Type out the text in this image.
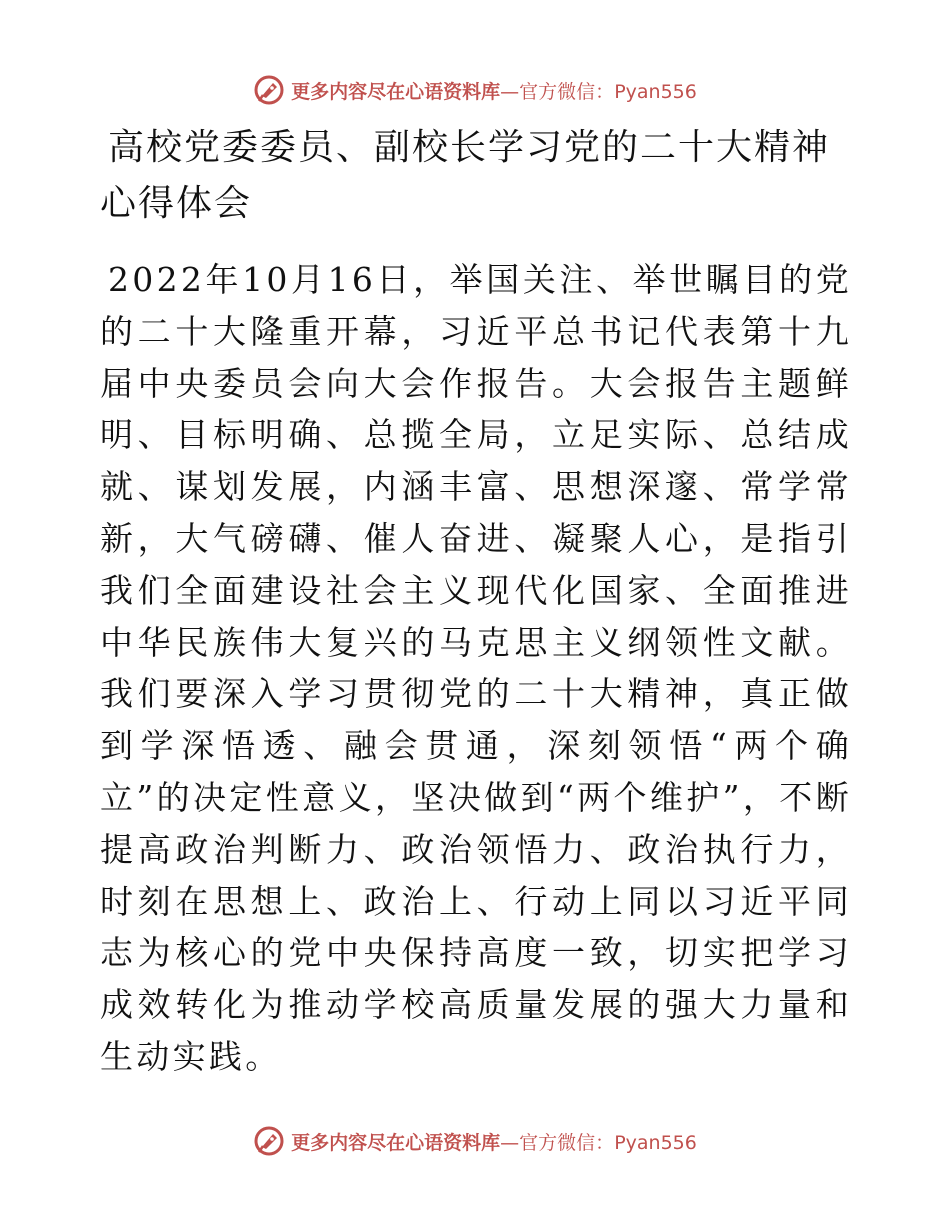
更多内容尽在心语资料库—官方微信：Pyan556
高校党委委员、副校长学习党的二十大精神心得体会

2022年10月16日，举国关注、举世瞩目的党的二十大隆重开幕，习近平总书记代表第十九届中央委员会向大会作报告。大会报告主题鲜明、目标明确、总揽全局，立足实际、总结成就、谋划发展，内涵丰富、思想深邃、常学常新，大气磅礴、催人奋进、凝聚人心，是指引我们全面建设社会主义现代化国家、全面推进中华民族伟大复兴的马克思主义纲领性文献。我们要深入学习贯彻党的二十大精神，真正做到学深悟透、融会贯通，深刻领悟“两个确立”的决定性意义，坚决做到“两个维护”，不断提高政治判断力、政治领悟力、政治执行力，时刻在思想上、政治上、行动上同以习近平同志为核心的党中央保持高度一致，切实把学习成效转化为推动学校高质量发展的强大力量和生动实践。

更多内容尽在心语资料库—官方微信：Pyan556
